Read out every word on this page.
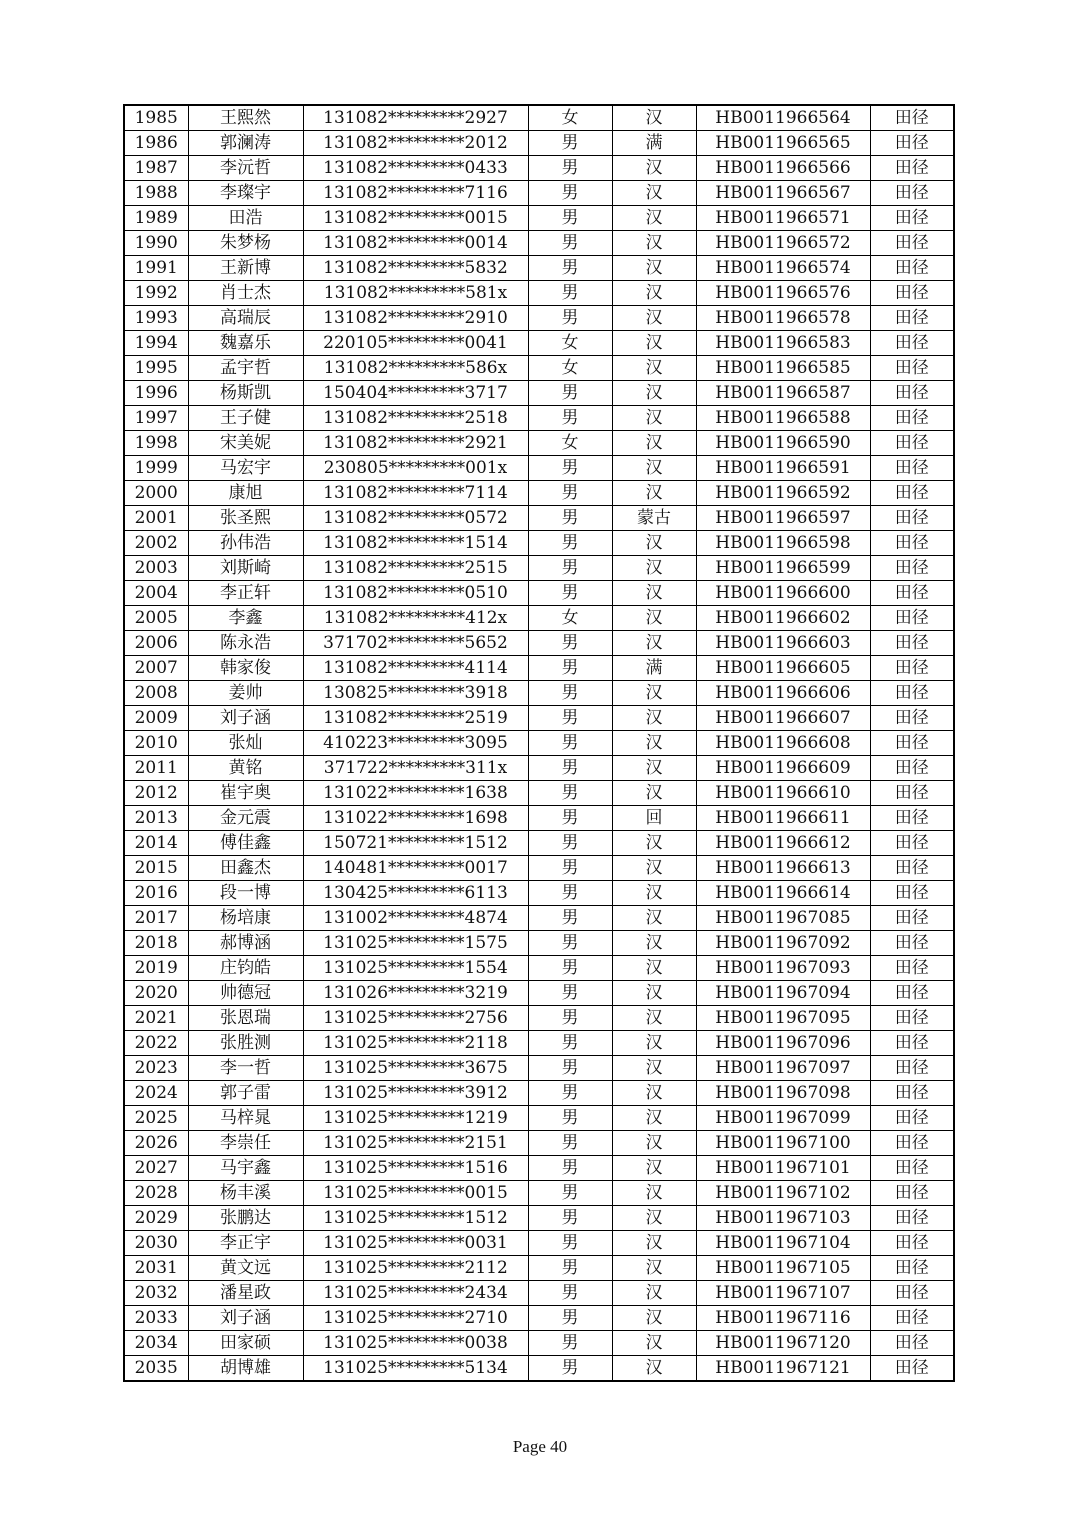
1985	王熙然	131082*********2927	女	汉	HB0011966564	田径
1986	郭澜涛	131082*********2012	男	满	HB0011966565	田径
1987	李沅哲	131082*********0433	男	汉	HB0011966566	田径
1988	李璨宇	131082*********7116	男	汉	HB0011966567	田径
1989	田浩	131082*********0015	男	汉	HB0011966571	田径
1990	朱梦杨	131082*********0014	男	汉	HB0011966572	田径
1991	王新博	131082*********5832	男	汉	HB0011966574	田径
1992	肖士杰	131082*********581x	男	汉	HB0011966576	田径
1993	高瑞辰	131082*********2910	男	汉	HB0011966578	田径
1994	魏嘉乐	220105*********0041	女	汉	HB0011966583	田径
1995	孟宇哲	131082*********586x	女	汉	HB0011966585	田径
1996	杨斯凯	150404*********3717	男	汉	HB0011966587	田径
1997	王子健	131082*********2518	男	汉	HB0011966588	田径
1998	宋美妮	131082*********2921	女	汉	HB0011966590	田径
1999	马宏宇	230805*********001x	男	汉	HB0011966591	田径
2000	康旭	131082*********7114	男	汉	HB0011966592	田径
2001	张圣熙	131082*********0572	男	蒙古	HB0011966597	田径
2002	孙伟浩	131082*********1514	男	汉	HB0011966598	田径
2003	刘斯崎	131082*********2515	男	汉	HB0011966599	田径
2004	李正轩	131082*********0510	男	汉	HB0011966600	田径
2005	李鑫	131082*********412x	女	汉	HB0011966602	田径
2006	陈永浩	371702*********5652	男	汉	HB0011966603	田径
2007	韩家俊	131082*********4114	男	满	HB0011966605	田径
2008	姜帅	130825*********3918	男	汉	HB0011966606	田径
2009	刘子涵	131082*********2519	男	汉	HB0011966607	田径
2010	张灿	410223*********3095	男	汉	HB0011966608	田径
2011	黄铭	371722*********311x	男	汉	HB0011966609	田径
2012	崔宇奥	131022*********1638	男	汉	HB0011966610	田径
2013	金元震	131022*********1698	男	回	HB0011966611	田径
2014	傅佳鑫	150721*********1512	男	汉	HB0011966612	田径
2015	田鑫杰	140481*********0017	男	汉	HB0011966613	田径
2016	段一博	130425*********6113	男	汉	HB0011966614	田径
2017	杨培康	131002*********4874	男	汉	HB0011967085	田径
2018	郝博涵	131025*********1575	男	汉	HB0011967092	田径
2019	庄钧皓	131025*********1554	男	汉	HB0011967093	田径
2020	帅德冠	131026*********3219	男	汉	HB0011967094	田径
2021	张恩瑞	131025*********2756	男	汉	HB0011967095	田径
2022	张胜测	131025*********2118	男	汉	HB0011967096	田径
2023	李一哲	131025*********3675	男	汉	HB0011967097	田径
2024	郭子雷	131025*********3912	男	汉	HB0011967098	田径
2025	马梓晁	131025*********1219	男	汉	HB0011967099	田径
2026	李崇任	131025*********2151	男	汉	HB0011967100	田径
2027	马宇鑫	131025*********1516	男	汉	HB0011967101	田径
2028	杨丰溪	131025*********0015	男	汉	HB0011967102	田径
2029	张鹏达	131025*********1512	男	汉	HB0011967103	田径
2030	李正宇	131025*********0031	男	汉	HB0011967104	田径
2031	黄文远	131025*********2112	男	汉	HB0011967105	田径
2032	潘星政	131025*********2434	男	汉	HB0011967107	田径
2033	刘子涵	131025*********2710	男	汉	HB0011967116	田径
2034	田家硕	131025*********0038	男	汉	HB0011967120	田径
2035	胡博雄	131025*********5134	男	汉	HB0011967121	田径
Page 40
